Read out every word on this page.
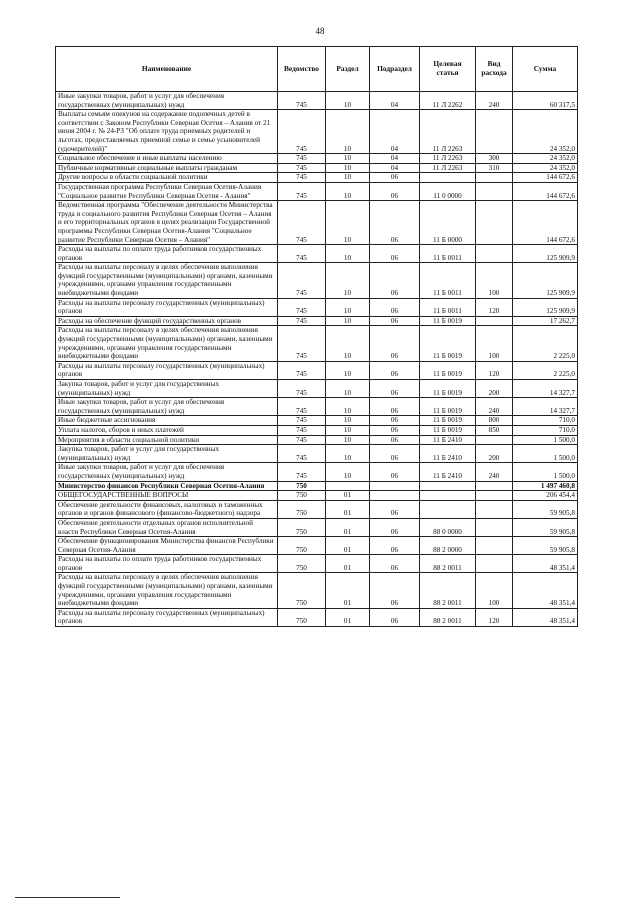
48
Наименование	Ведомство	Раздел	Подраздел	Целевая статья	Вид расхода	Сумма
Иные закупки товаров, работ и услуг для обеспечения государственных (муниципальных) нужд	745	10	04	11 Л 2262	240	60 317,5
Выплаты семьям опекунов на содержание подопечных детей в соответствии с Законом Республики Северная Осетия – Алания от 21 июня 2004 г. № 24-РЗ "Об оплате труда приемных родителей и льготах, предоставляемых приемной семье и семье усыновителей (удочерителей)"	745	10	04	11 Л 2263		24 352,0
Социальное обеспечение и иные выплаты населению	745	10	04	11 Л 2263	300	24 352,0
Публичные нормативные социальные выплаты гражданам	745	10	04	11 Л 2263	310	24 352,0
Другие вопросы в области социальной политики	745	10	06			144 672,6
Государственная программа Республики Северная Осетия-Алания "Социальное развитие Республики Северная Осетия - Алания"	745	10	06	11 0 0000		144 672,6
Ведомственная программа "Обеспечение деятельности Министерства труда и социального развития Республики Северная Осетия – Алания и его территориальных органов в целях реализации Государственной программы Республики Северная Осетия-Алания "Социальное развитие Республики Северная Осетия – Алания"	745	10	06	11 Б 0000		144 672,6
Расходы на выплаты по оплате труда работников государственных органов	745	10	06	11 Б 0011		125 909,9
Расходы на выплаты персоналу в целях обеспечения выполнения функций государственными (муниципальными) органами, казенными учреждениями, органами управления государственными внебюджетными фондами	745	10	06	11 Б 0011	100	125 909,9
Расходы на выплаты персоналу государственных (муниципальных) органов	745	10	06	11 Б 0011	120	125 909,9
Расходы на обеспечение функций государственных органов	745	10	06	11 Б 0019		17 262,7
Расходы на выплаты персоналу в целях обеспечения выполнения функций государственными (муниципальными) органами, казенными учреждениями, органами управления государственными внебюджетными фондами	745	10	06	11 Б 0019	100	2 225,0
Расходы на выплаты персоналу государственных (муниципальных) органов	745	10	06	11 Б 0019	120	2 225,0
Закупка товаров, работ и услуг для государственных (муниципальных) нужд	745	10	06	11 Б 0019	200	14 327,7
Иные закупки товаров, работ и услуг для обеспечения государственных (муниципальных) нужд	745	10	06	11 Б 0019	240	14 327,7
Иные бюджетные ассигнования	745	10	06	11 Б 0019	800	710,0
Уплата налогов, сборов и иных платежей	745	10	06	11 Б 0019	850	710,0
Мероприятия в области социальной политики	745	10	06	11 Б 2410		1 500,0
Закупка товаров, работ и услуг для государственных (муниципальных) нужд	745	10	06	11 Б 2410	200	1 500,0
Иные закупки товаров, работ и услуг для обеспечения государственных (муниципальных) нужд	745	10	06	11 Б 2410	240	1 500,0
Министерство финансов Республики Северная Осетия-Алания	750					1 497 460,8
ОБЩЕГОСУДАРСТВЕННЫЕ ВОПРОСЫ	750	01				206 454,4
Обеспечение деятельности финансовых, налоговых и таможенных органов и органов финансового (финансово-бюджетного) надзора	750	01	06			59 905,8
Обеспечение деятельности отдельных органов исполнительной власти Республики Северная Осетия-Алания	750	01	06	88 0 0000		59 905,8
Обеспечение функционирования Министерства финансов Республики Северная Осетия-Алания	750	01	06	88 2 0000		59 905,8
Расходы на выплаты по оплате труда работников государственных органов	750	01	06	88 2 0011		48 351,4
Расходы на выплаты персоналу в целях обеспечения выполнения функций государственными (муниципальными) органами, казенными учреждениями, органами управления государственными внебюджетными фондами	750	01	06	88 2 0011	100	48 351,4
Расходы на выплаты персоналу государственных (муниципальных) органов	750	01	06	88 2 0011	120	48 351,4
